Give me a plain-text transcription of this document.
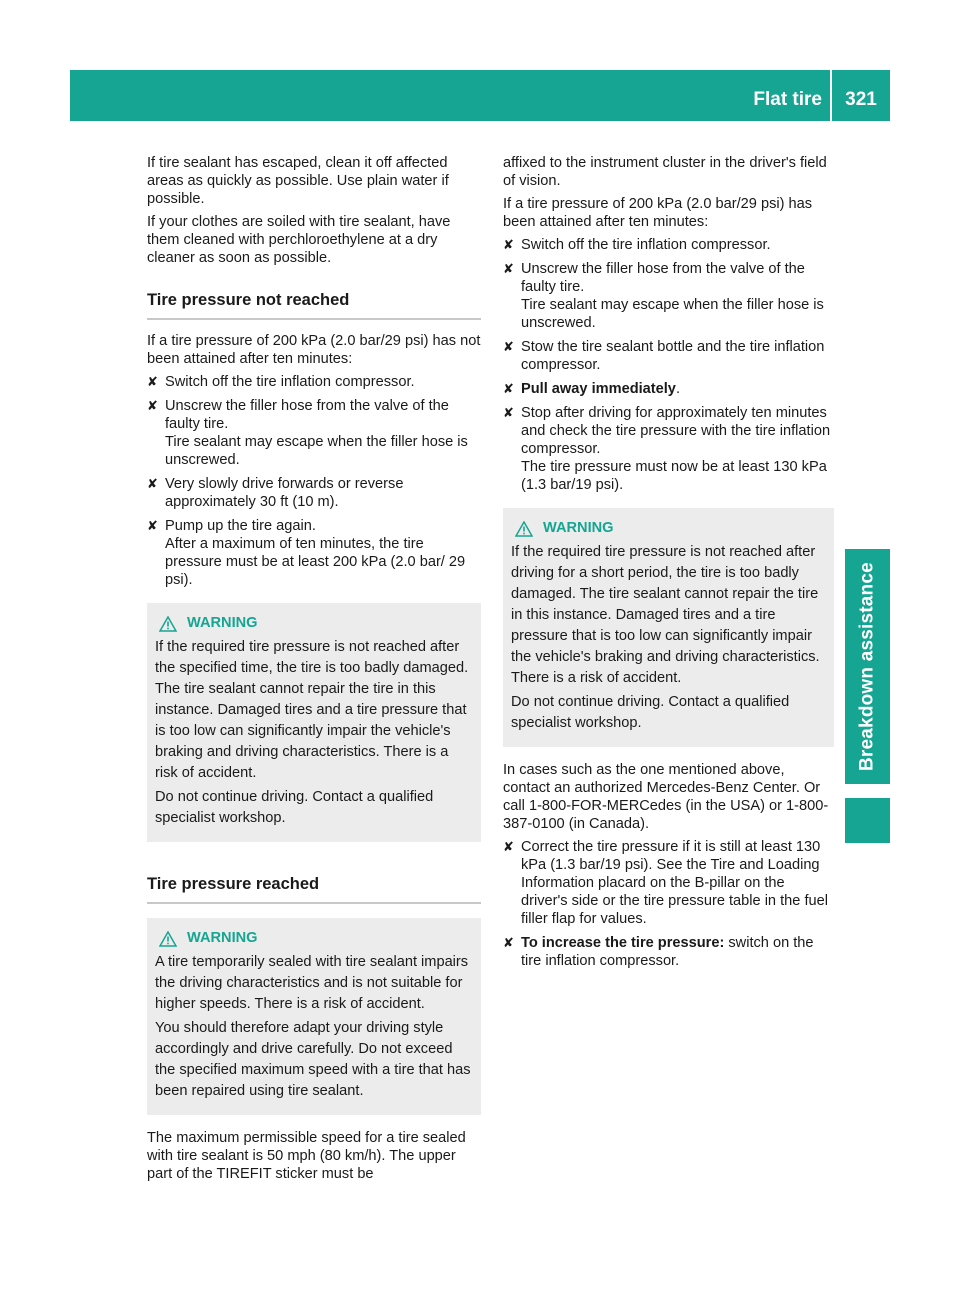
Flat tire	321
Breakdown assistance

If tire sealant has escaped, clean it off affected areas as quickly as possible. Use plain water if possible.

If your clothes are soiled with tire sealant, have them cleaned with perchloroethylene at a dry cleaner as soon as possible.

Tire pressure not reached

If a tire pressure of 200 kPa (2.0 bar/29 psi) has not been attained after ten minutes:

✘ Switch off the tire inflation compressor.
✘ Unscrew the filler hose from the valve of the faulty tire.
Tire sealant may escape when the filler hose is unscrewed.
✘ Very slowly drive forwards or reverse approximately 30 ft (10 m).
✘ Pump up the tire again.
After a maximum of ten minutes, the tire pressure must be at least 200 kPa (2.0 bar/ 29 psi).
WARNING

If the required tire pressure is not reached after the specified time, the tire is too badly damaged. The tire sealant cannot repair the tire in this instance. Damaged tires and a tire pressure that is too low can significantly impair the vehicle's braking and driving characteristics. There is a risk of accident.

Do not continue driving. Contact a qualified specialist workshop.

Tire pressure reached
WARNING

A tire temporarily sealed with tire sealant impairs the driving characteristics and is not suitable for higher speeds. There is a risk of accident.

You should therefore adapt your driving style accordingly and drive carefully. Do not exceed the specified maximum speed with a tire that has been repaired using tire sealant.

The maximum permissible speed for a tire sealed with tire sealant is 50 mph (80 km/h). The upper part of the TIREFIT sticker must be

affixed to the instrument cluster in the driver's field of vision.

If a tire pressure of 200 kPa (2.0 bar/29 psi) has been attained after ten minutes:

✘ Switch off the tire inflation compressor.
✘ Unscrew the filler hose from the valve of the faulty tire.
Tire sealant may escape when the filler hose is unscrewed.
✘ Stow the tire sealant bottle and the tire inflation compressor.
✘ Pull away immediately.
✘ Stop after driving for approximately ten minutes and check the tire pressure with the tire inflation compressor.
The tire pressure must now be at least 130 kPa (1.3 bar/19 psi).
WARNING

If the required tire pressure is not reached after driving for a short period, the tire is too badly damaged. The tire sealant cannot repair the tire in this instance. Damaged tires and a tire pressure that is too low can significantly impair the vehicle's braking and driving characteristics. There is a risk of accident.

Do not continue driving. Contact a qualified specialist workshop.

In cases such as the one mentioned above, contact an authorized Mercedes-Benz Center. Or call 1-800-FOR-MERCedes (in the USA) or 1-800-387-0100 (in Canada).

✘ Correct the tire pressure if it is still at least 130 kPa (1.3 bar/19 psi). See the Tire and Loading Information placard on the B-pillar on the driver's side or the tire pressure table in the fuel filler flap for values.
✘ To increase the tire pressure: switch on the tire inflation compressor.
